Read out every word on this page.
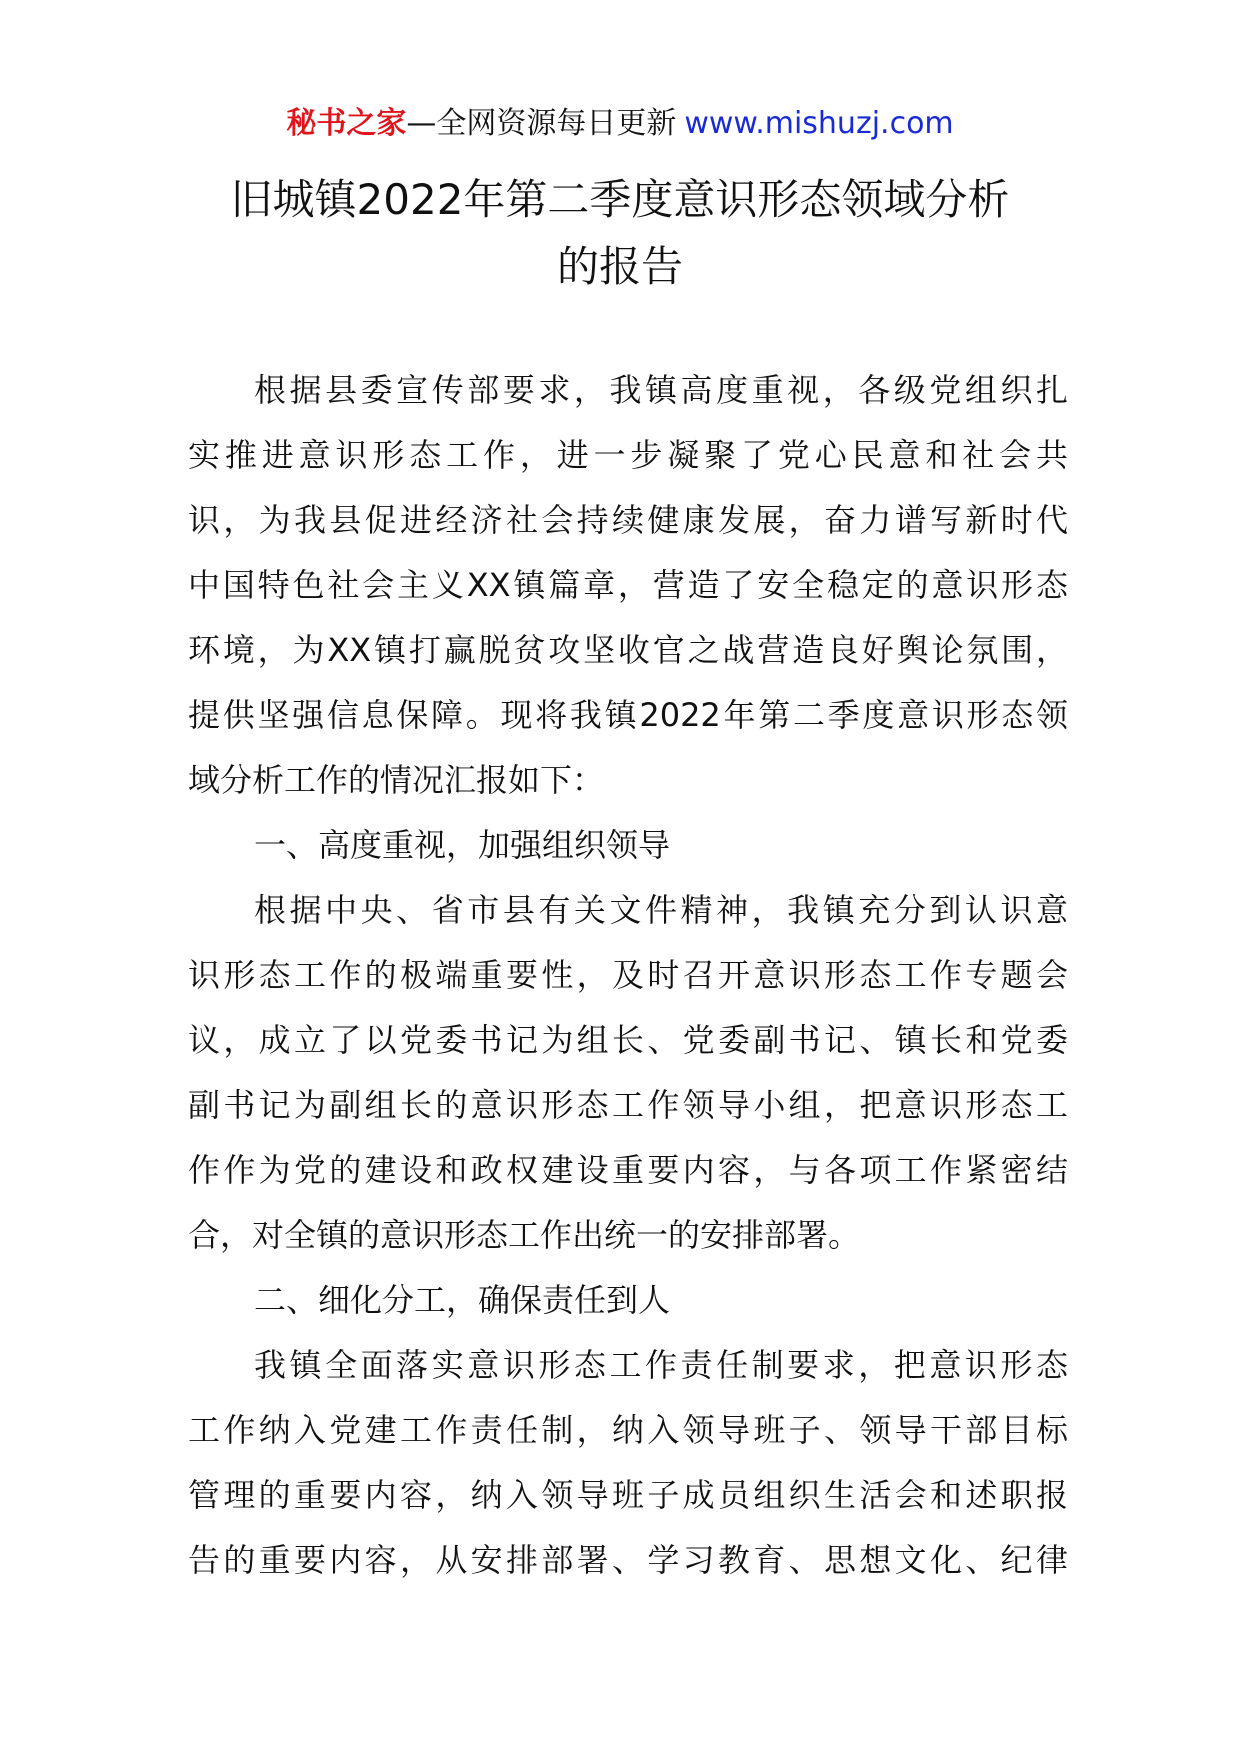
秘书之家—全网资源每日更新 www.mishuzj.com
旧城镇2022年第二季度意识形态领域分析
的报告
根据县委宣传部要求，我镇高度重视，各级党组织扎
实推进意识形态工作，进一步凝聚了党心民意和社会共
识，为我县促进经济社会持续健康发展，奋力谱写新时代
中国特色社会主义XX镇篇章，营造了安全稳定的意识形态
环境，为XX镇打赢脱贫攻坚收官之战营造良好舆论氛围，
提供坚强信息保障。现将我镇2022年第二季度意识形态领
域分析工作的情况汇报如下：
一、高度重视，加强组织领导
根据中央、省市县有关文件精神，我镇充分到认识意
识形态工作的极端重要性，及时召开意识形态工作专题会
议，成立了以党委书记为组长、党委副书记、镇长和党委
副书记为副组长的意识形态工作领导小组，把意识形态工
作作为党的建设和政权建设重要内容，与各项工作紧密结
合，对全镇的意识形态工作出统一的安排部署。
二、细化分工，确保责任到人
我镇全面落实意识形态工作责任制要求，把意识形态
工作纳入党建工作责任制，纳入领导班子、领导干部目标
管理的重要内容，纳入领导班子成员组织生活会和述职报
告的重要内容，从安排部署、学习教育、思想文化、纪律
